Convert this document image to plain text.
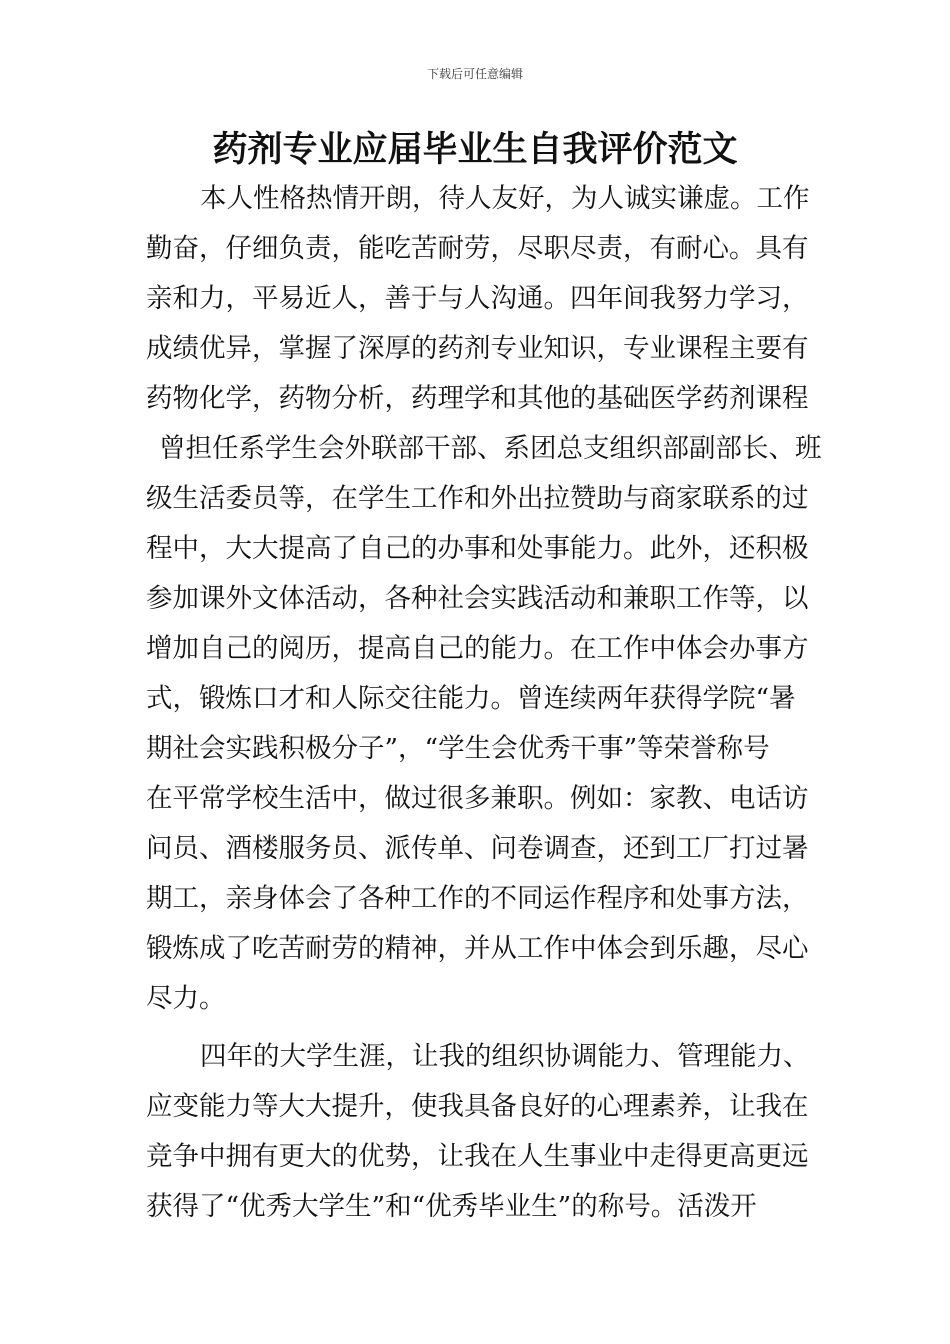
下载后可任意编辑
药剂专业应届毕业生自我评价范文
本人性格热情开朗，待人友好，为人诚实谦虚。工作
勤奋，仔细负责，能吃苦耐劳，尽职尽责，有耐心。具有
亲和力，平易近人，善于与人沟通。四年间我努力学习，
成绩优异，掌握了深厚的药剂专业知识，专业课程主要有
药物化学，药物分析，药理学和其他的基础医学药剂课程
曾担任系学生会外联部干部、系团总支组织部副部长、班
级生活委员等，在学生工作和外出拉赞助与商家联系的过
程中，大大提高了自己的办事和处事能力。此外，还积极
参加课外文体活动，各种社会实践活动和兼职工作等，以
增加自己的阅历，提高自己的能力。在工作中体会办事方
式，锻炼口才和人际交往能力。曾连续两年获得学院“暑
期社会实践积极分子”，“学生会优秀干事”等荣誉称号
在平常学校生活中，做过很多兼职。例如：家教、电话访
问员、酒楼服务员、派传单、问卷调查，还到工厂打过暑
期工，亲身体会了各种工作的不同运作程序和处事方法，
锻炼成了吃苦耐劳的精神，并从工作中体会到乐趣，尽心
尽力。
四年的大学生涯，让我的组织协调能力、管理能力、
应变能力等大大提升，使我具备良好的心理素养，让我在
竞争中拥有更大的优势，让我在人生事业中走得更高更远
获得了“优秀大学生”和“优秀毕业生”的称号。活泼开
